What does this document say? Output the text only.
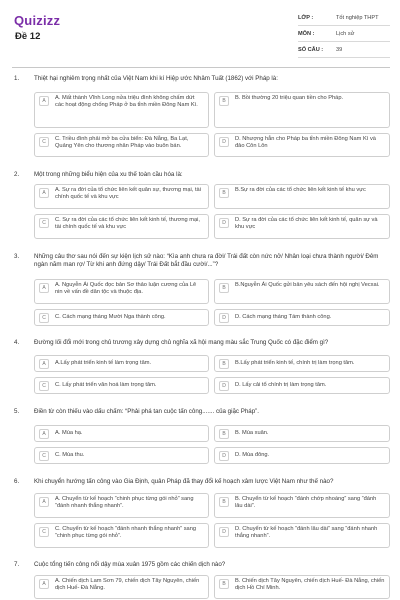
Quizizz
Đề 12
LỚP :	Tốt nghiệp THPT
MÔN :	Lịch sử
SỐ CÂU :	39
1. Thiệt hại nghiêm trọng nhất của Việt Nam khi kí Hiệp ước Nhâm Tuất (1862) với Pháp là:
A	A. Mất thành Vĩnh Long nửa triệu đình không chấm dứt các hoạt động chống Pháp ở ba tỉnh miền Đông Nam Kì.
B	B. Bồi thường 20 triệu quan tiền cho Pháp.
C	C. Triều đình phải mở ba cửa biển: Đà Nẵng, Ba Lạt, Quảng Yên cho thương nhân Pháp vào buôn bán.
D	D. Nhượng hẳn cho Pháp ba tỉnh miền Đông Nam Kì và đảo Côn Lôn
2. Một trong những biểu hiện của xu thế toàn cầu hóa là:
A	A. Sự ra đời của tổ chức liên kết quân sự, thương mại, tài chính quốc tế và khu vực
B	B.Sự ra đời của các tổ chức liên kết kinh tế khu vực
C	C. Sự ra đời của các tổ chức liên kết kinh tế, thương mại, tài chính quốc tế và khu vực
D	D. Sự ra đời của các tổ chức liên kết kinh tế, quân sự và khu vực
3. Những câu thơ sau nói đến sự kiện lịch sử nào: “Kìa anh chưa ra đời/ Trái đất còn nức nở/ Nhân loại chưa thành người/ Đêm ngàn năm man rợ/ Từ khi anh đứng dậy/ Trái Đất bắt đầu cười/...”?
A	A. Nguyễn Ái Quốc đọc bản Sơ thảo luận cương của Lê nin về vấn đề dân tộc và thuộc địa.
B	B.Nguyễn Ái Quốc gửi bản yêu sách đến hội nghị Vecxai.
C	C. Cách mạng tháng Mười Nga thành công.	D	D. Cách mạng tháng Tám thành công.
4. Đường lối đổi mới trong chủ trương xây dựng chủ nghĩa xã hội mang màu sắc Trung Quốc có đặc điểm gì?
A	A.Lấy phát triển kinh tế làm trọng tâm.	B	B.Lấy phát triển kinh tế, chính trị làm trọng tâm.
C	C. Lấy phát triển văn hoá làm trọng tâm.	D	D. Lấy cải tổ chính trị làm trọng tâm.
5. Điền từ còn thiếu vào dấu chấm: “Phải phá tan cuộc tấn công....... của giặc Pháp”.
A	A. Mùa hạ.	B	B. Mùa xuân.
C	C. Mùa thu.	D	D. Mùa đông.
6. Khi chuyển hướng tấn công vào Gia Định, quân Pháp đã thay đổi kế hoạch xâm lược Việt Nam như thế nào?
A	A. Chuyển từ kế hoạch “chinh phục từng gói nhỏ” sang “đánh nhanh thắng nhanh”.
B	B. Chuyển từ kế hoạch “đánh chớp nhoáng” sang “đánh lâu dài”.
C	C. Chuyển từ kế hoạch “đánh nhanh thắng nhanh” sang “chinh phục từng gói nhỏ”.
D	D. Chuyển từ kế hoạch “đánh lâu dài” sang “đánh nhanh thắng nhanh”.
7. Cuộc tổng tiến công nổi dậy mùa xuân 1975 gồm các chiến dịch nào?
A	A. Chiến dịch Lam Sơn 79, chiến dịch Tây Nguyên, chiến dịch Huế- Đà Nẵng.
B	B. Chiến dịch Tây Nguyên, chiến dịch Huế- Đà Nẵng, chiến dịch Hồ Chí Minh.
